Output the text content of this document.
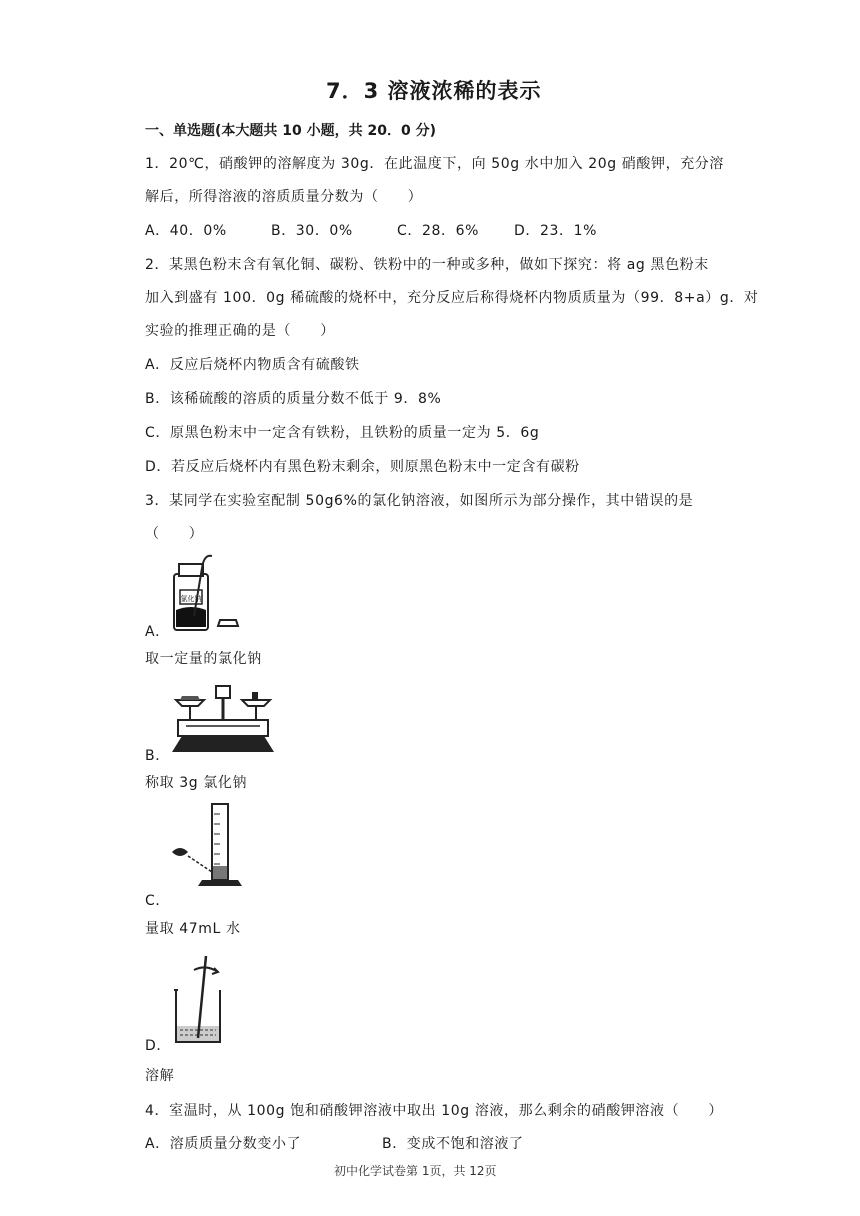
7．3 溶液浓稀的表示
一、单选题(本大题共 10 小题，共 20．0 分)
1．20℃，硝酸钾的溶解度为 30g．在此温度下，向 50g 水中加入 20g 硝酸钾，充分溶
解后，所得溶液的溶质质量分数为（　　）
A．40．0%	B．30．0%	C．28．6%	D．23．1%
2．某黑色粉末含有氧化铜、碳粉、铁粉中的一种或多种，做如下探究：将 ag 黑色粉末
加入到盛有 100．0g 稀硫酸的烧杯中，充分反应后称得烧杯内物质质量为（99．8+a）g．对
实验的推理正确的是（　　）
A．反应后烧杯内物质含有硫酸铁
B．该稀硫酸的溶质的质量分数不低于 9．8%
C．原黑色粉末中一定含有铁粉，且铁粉的质量一定为 5．6g
D．若反应后烧杯内有黑色粉末剩余，则原黑色粉末中一定含有碳粉
3．某同学在实验室配制 50g6%的氯化钠溶液，如图所示为部分操作，其中错误的是
（　　）
氯化钠
A．
取一定量的氯化钠
B．
称取 3g 氯化钠
C．
量取 47mL 水
D．
溶解
4．室温时，从 100g 饱和硝酸钾溶液中取出 10g 溶液，那么剩余的硝酸钾溶液（　　）
A．溶质质量分数变小了	B．变成不饱和溶液了
初中化学试卷第 1页，共 12页
